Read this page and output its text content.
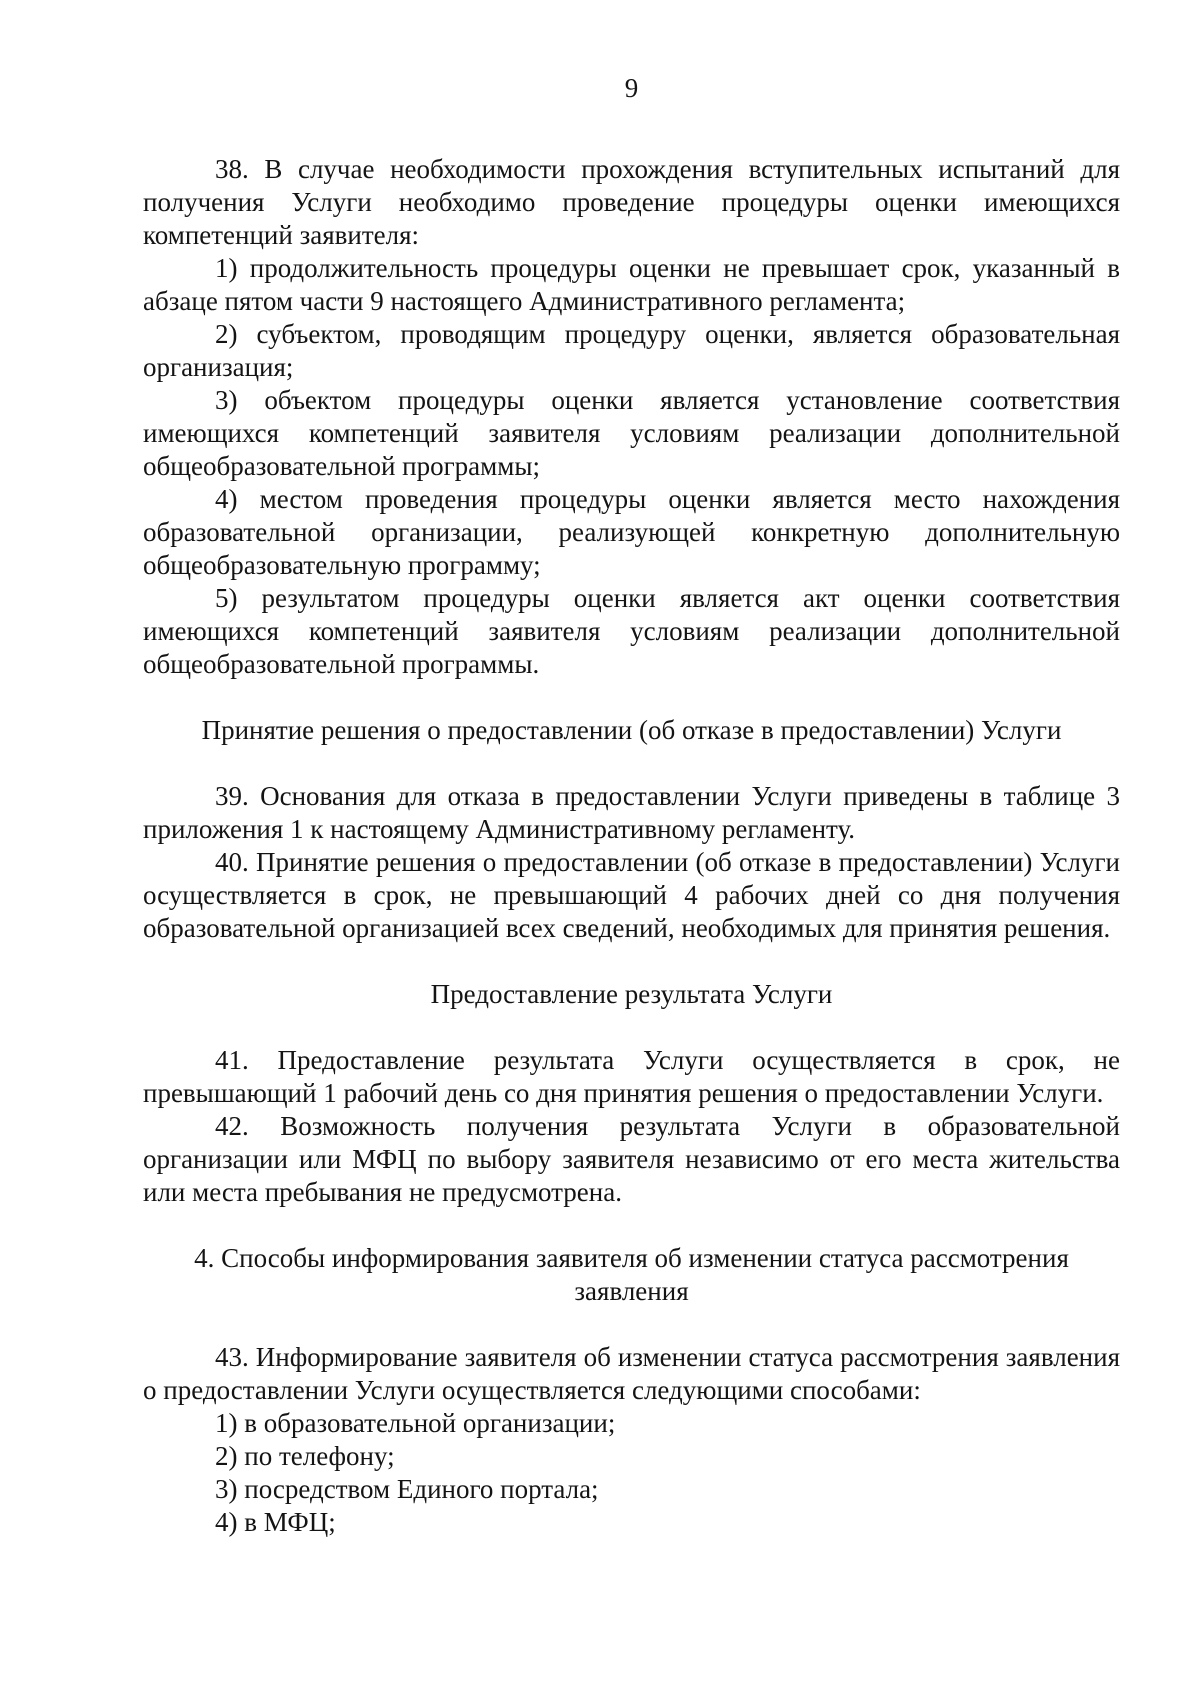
9

38. В случае необходимости прохождения вступительных испытаний для получения Услуги необходимо проведение процедуры оценки имеющихся компетенций заявителя:

1) продолжительность процедуры оценки не превышает срок, указанный в абзаце пятом части 9 настоящего Административного регламента;

2) субъектом, проводящим процедуру оценки, является образовательная организация;

3) объектом процедуры оценки является установление соответствия имеющихся компетенций заявителя условиям реализации дополнительной общеобразовательной программы;

4) местом проведения процедуры оценки является место нахождения образовательной организации, реализующей конкретную дополнительную общеобразовательную программу;

5) результатом процедуры оценки является акт оценки соответствия имеющихся компетенций заявителя условиям реализации дополнительной общеобразовательной программы.

Принятие решения о предоставлении (об отказе в предоставлении) Услуги

39. Основания для отказа в предоставлении Услуги приведены в таблице 3 приложения 1 к настоящему Административному регламенту.

40. Принятие решения о предоставлении (об отказе в предоставлении) Услуги осуществляется в срок, не превышающий 4 рабочих дней со дня получения образовательной организацией всех сведений, необходимых для принятия решения.

Предоставление результата Услуги

41. Предоставление результата Услуги осуществляется в срок, не превышающий 1 рабочий день со дня принятия решения о предоставлении Услуги.

42. Возможность получения результата Услуги в образовательной организации или МФЦ по выбору заявителя независимо от его места жительства или места пребывания не предусмотрена.

4. Способы информирования заявителя об изменении статуса рассмотрения заявления

43. Информирование заявителя об изменении статуса рассмотрения заявления о предоставлении Услуги осуществляется следующими способами:

1) в образовательной организации;

2) по телефону;

3) посредством Единого портала;

4) в МФЦ;
